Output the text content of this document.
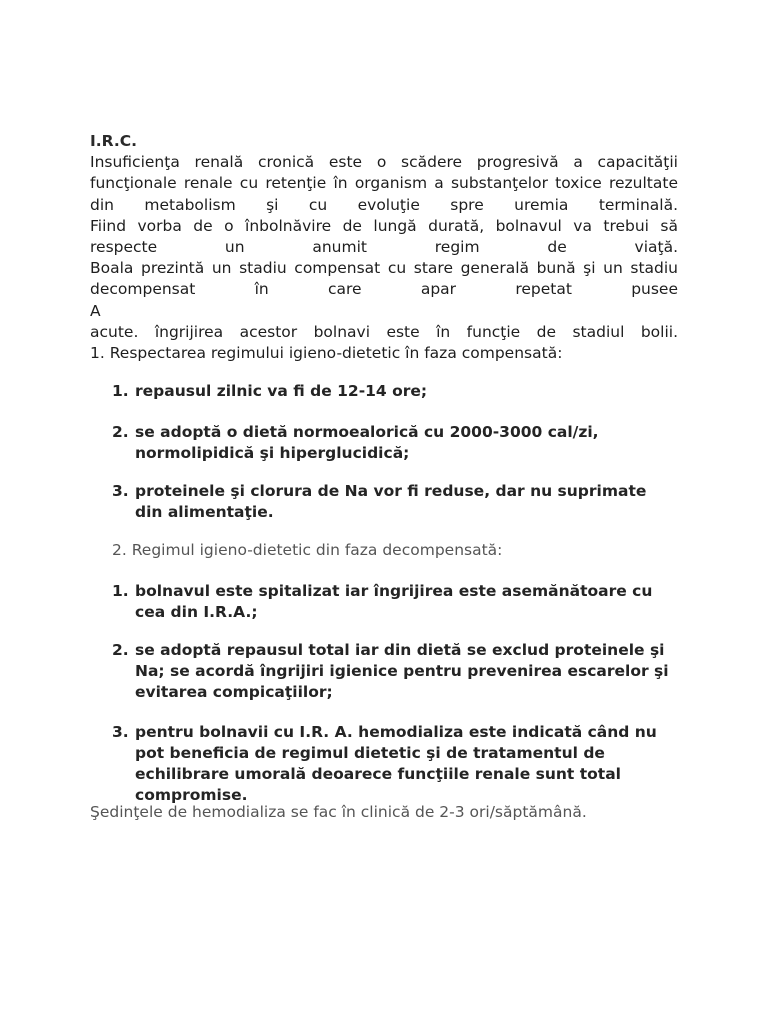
I.R.C.
Insuficienţa renală cronică este o scădere progresivă a capacităţii
funcţionale renale cu retenţie în organism a substanţelor toxice rezultate
din metabolism şi cu evoluţie spre uremia terminală.
Fiind vorba de o înbolnăvire de lungă durată, bolnavul va trebui să
respecte un anumit regim de viaţă.
Boala prezintă un stadiu compensat cu stare generală bună şi un stadiu
decompensat în care apar repetat pusee
A
acute. îngrijirea acestor bolnavi este în funcţie de stadiul bolii.
1. Respectarea regimului igieno-dietetic în faza compensată:
1. repausul zilnic va fi de 12-14 ore;
2. se adoptă o dietă normoealorică cu 2000-3000 cal/zi, normolipidică şi hiperglucidică;
3. proteinele şi clorura de Na vor fi reduse, dar nu suprimate din alimentaţie.
2. Regimul igieno-dietetic din faza decompensată:
1. bolnavul este spitalizat iar îngrijirea este asemănătoare cu cea din I.R.A.;
2. se adoptă repausul total iar din dietă se exclud proteinele şi Na; se acordă îngrijiri igienice pentru prevenirea escarelor şi evitarea compicaţiilor;
3. pentru bolnavii cu I.R. A. hemodializa este indicată când nu pot beneficia de regimul dietetic şi de tratamentul de echilibrare umorală deoarece funcţiile renale sunt total compromise.
Şedinţele de hemodializa se fac în clinică de 2-3 ori/săptămână.
